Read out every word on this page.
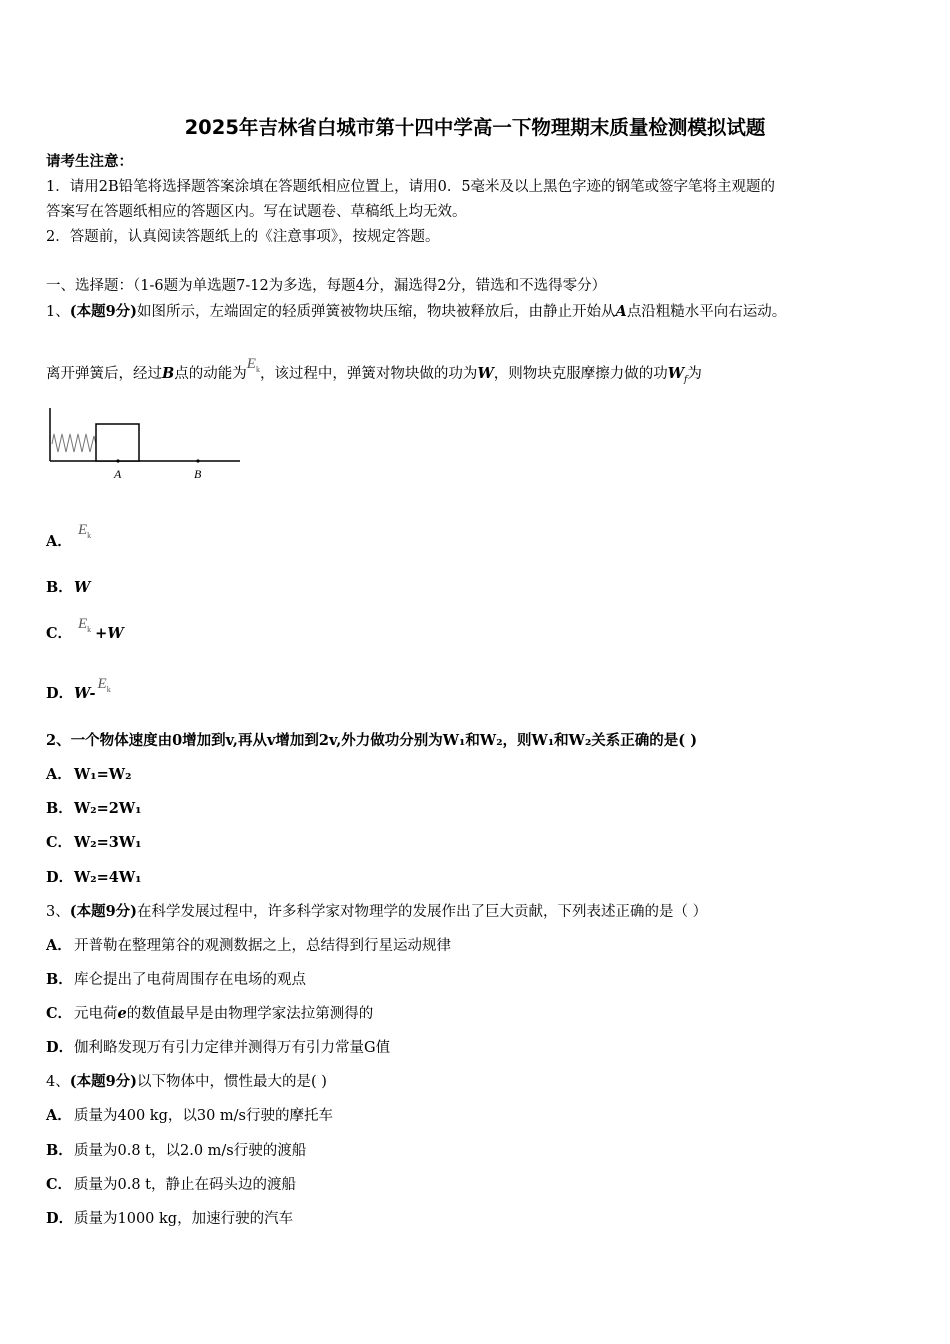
2025年吉林省白城市第十四中学高一下物理期末质量检测模拟试题
请考生注意：
1．请用2B铅笔将选择题答案涂填在答题纸相应位置上，请用0．5毫米及以上黑色字迹的钢笔或签字笔将主观题的
答案写在答题纸相应的答题区内。写在试题卷、草稿纸上均无效。
2．答题前，认真阅读答题纸上的《注意事项》，按规定答题。
一、选择题：（1-6题为单选题7-12为多选，每题4分，漏选得2分，错选和不选得零分）
1、(本题9分)如图所示，左端固定的轻质弹簧被物块压缩，物块被释放后，由静止开始从A点沿粗糙水平向右运动。
离开弹簧后，经过B点的动能为$E_k$，该过程中，弹簧对物块做的功为W，则物块克服摩擦力做的功$W_f$为
A	B
A．$E_k$
B．W
C．$E_k +W$
D．$W-E_k$
2、一个物体速度由0增加到v,再从v增加到2v,外力做功分别为W₁和W₂，则W₁和W₂关系正确的是( )
A． W₁=W₂
B．W₂=2W₁
C． W₂=3W₁
D．W₂=4W₁
3、(本题9分)在科学发展过程中，许多科学家对物理学的发展作出了巨大贡献，下列表述正确的是（ ）
A． 开普勒在整理第谷的观测数据之上，总结得到行星运动规律
B．库仑提出了电荷周围存在电场的观点
C． 元电荷e的数值最早是由物理学家法拉第测得的
D．伽利略发现万有引力定律并测得万有引力常量G值
4、(本题9分)以下物体中，惯性最大的是( )
A． 质量为400 kg，以30 m/s行驶的摩托车
B．质量为0.8 t，以2.0 m/s行驶的渡船
C． 质量为0.8 t，静止在码头边的渡船
D．质量为1000 kg，加速行驶的汽车
